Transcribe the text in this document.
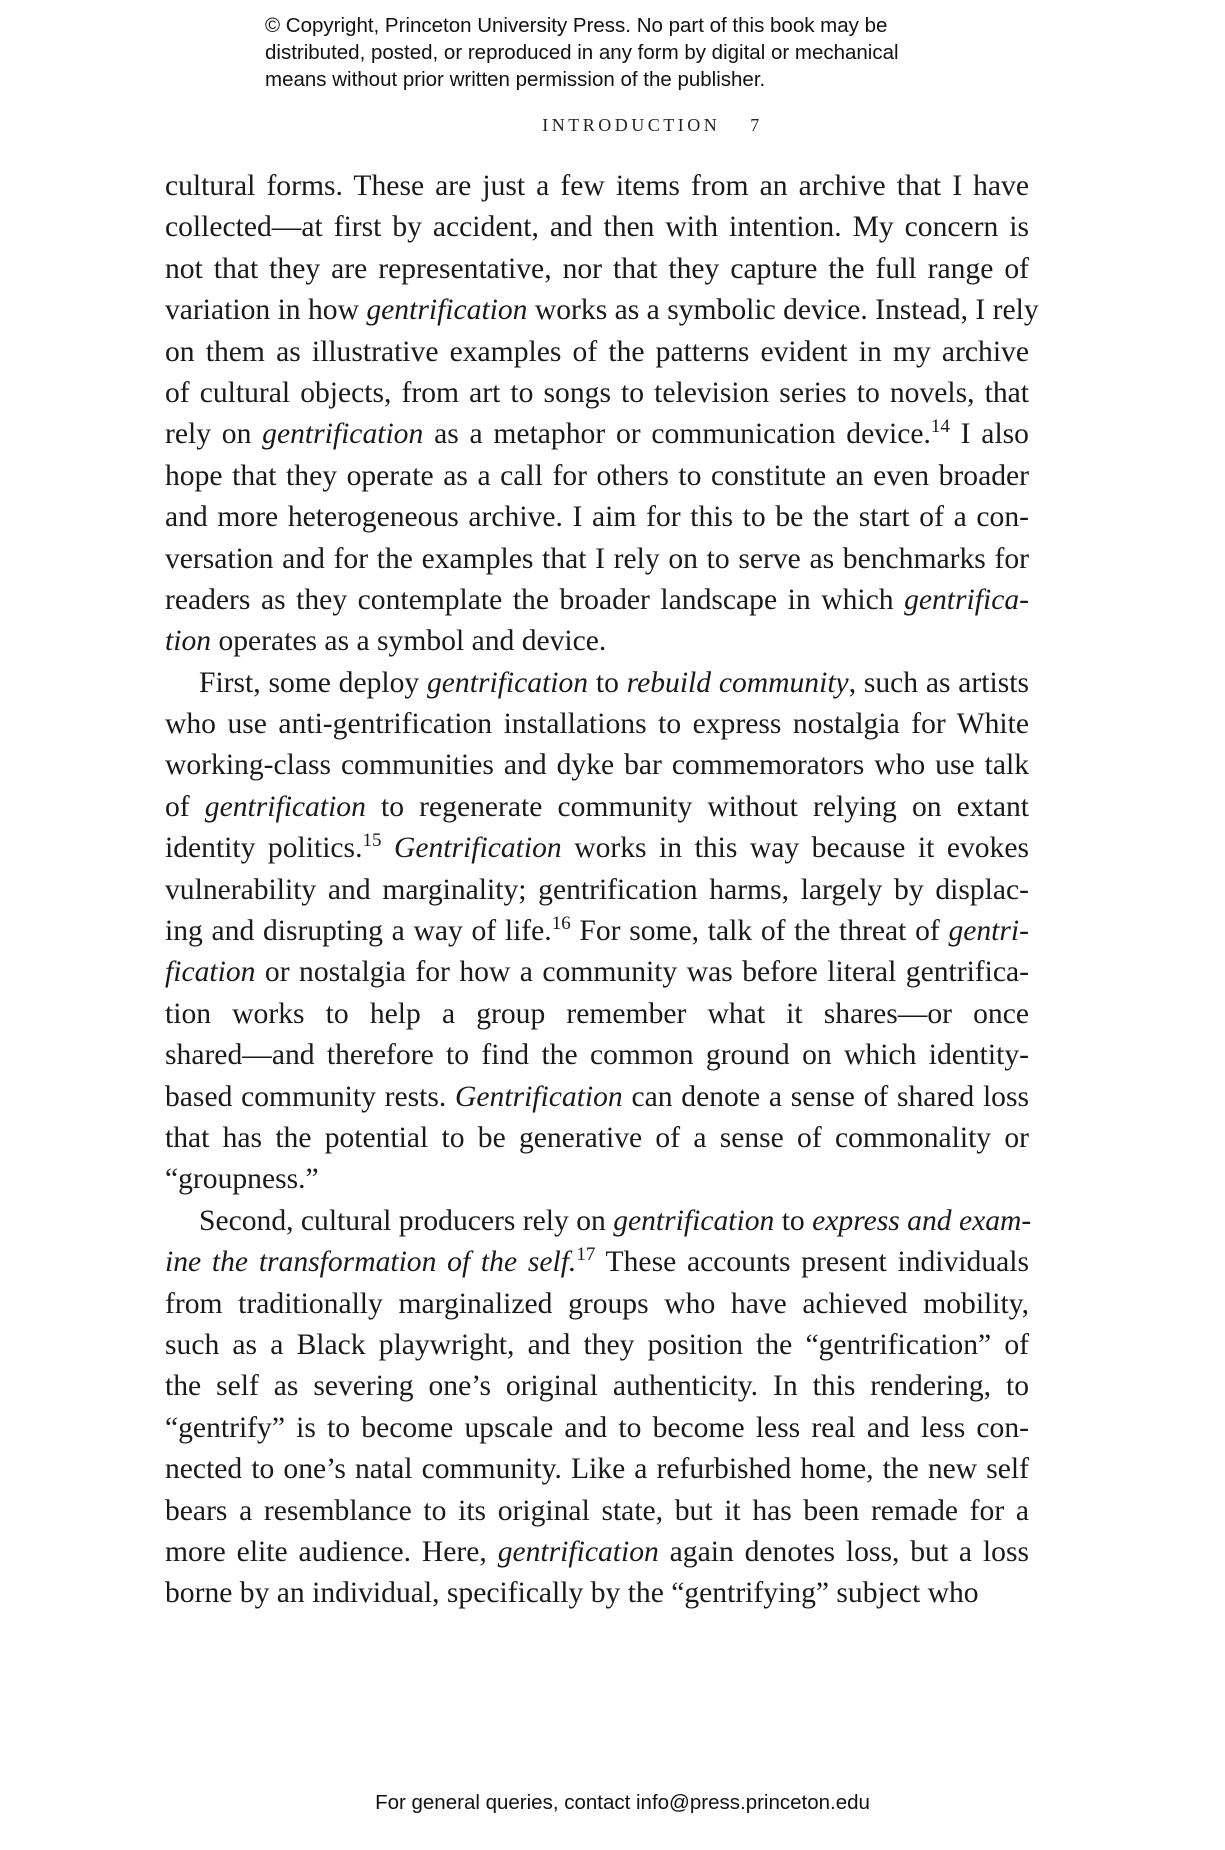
© Copyright, Princeton University Press. No part of this book may be
distributed, posted, or reproduced in any form by digital or mechanical
means without prior written permission of the publisher.
INTRODUCTION 7
cultural forms. These are just a few items from an archive that I have
collected—at first by accident, and then with intention. My concern is
not that they are representative, nor that they capture the full range of
variation in how gentrification works as a symbolic device. Instead, I rely
on them as illustrative examples of the patterns evident in my archive
of cultural objects, from art to songs to television series to novels, that
rely on gentrification as a metaphor or communication device.$^{14}$ I also
hope that they operate as a call for others to constitute an even broader
and more heterogeneous archive. I aim for this to be the start of a con-
versation and for the examples that I rely on to serve as benchmarks for
readers as they contemplate the broader landscape in which gentrifica-
tion operates as a symbol and device.
First, some deploy gentrification to rebuild community, such as artists
who use anti-gentrification installations to express nostalgia for White
working-class communities and dyke bar commemorators who use talk
of gentrification to regenerate community without relying on extant
identity politics.$^{15}$ Gentrification works in this way because it evokes
vulnerability and marginality; gentrification harms, largely by displac-
ing and disrupting a way of life.$^{16}$ For some, talk of the threat of gentri-
fication or nostalgia for how a community was before literal gentrifica-
tion works to help a group remember what it shares—or once
shared—and therefore to find the common ground on which identity-
based community rests. Gentrification can denote a sense of shared loss
that has the potential to be generative of a sense of commonality or
“groupness.”
Second, cultural producers rely on gentrification to express and exam-
ine the transformation of the self.$^{17}$ These accounts present individuals
from traditionally marginalized groups who have achieved mobility,
such as a Black playwright, and they position the “gentrification” of
the self as severing one’s original authenticity. In this rendering, to
“gentrify” is to become upscale and to become less real and less con-
nected to one’s natal community. Like a refurbished home, the new self
bears a resemblance to its original state, but it has been remade for a
more elite audience. Here, gentrification again denotes loss, but a loss
borne by an individual, specifically by the “gentrifying” subject who
For general queries, contact info@press.princeton.edu
